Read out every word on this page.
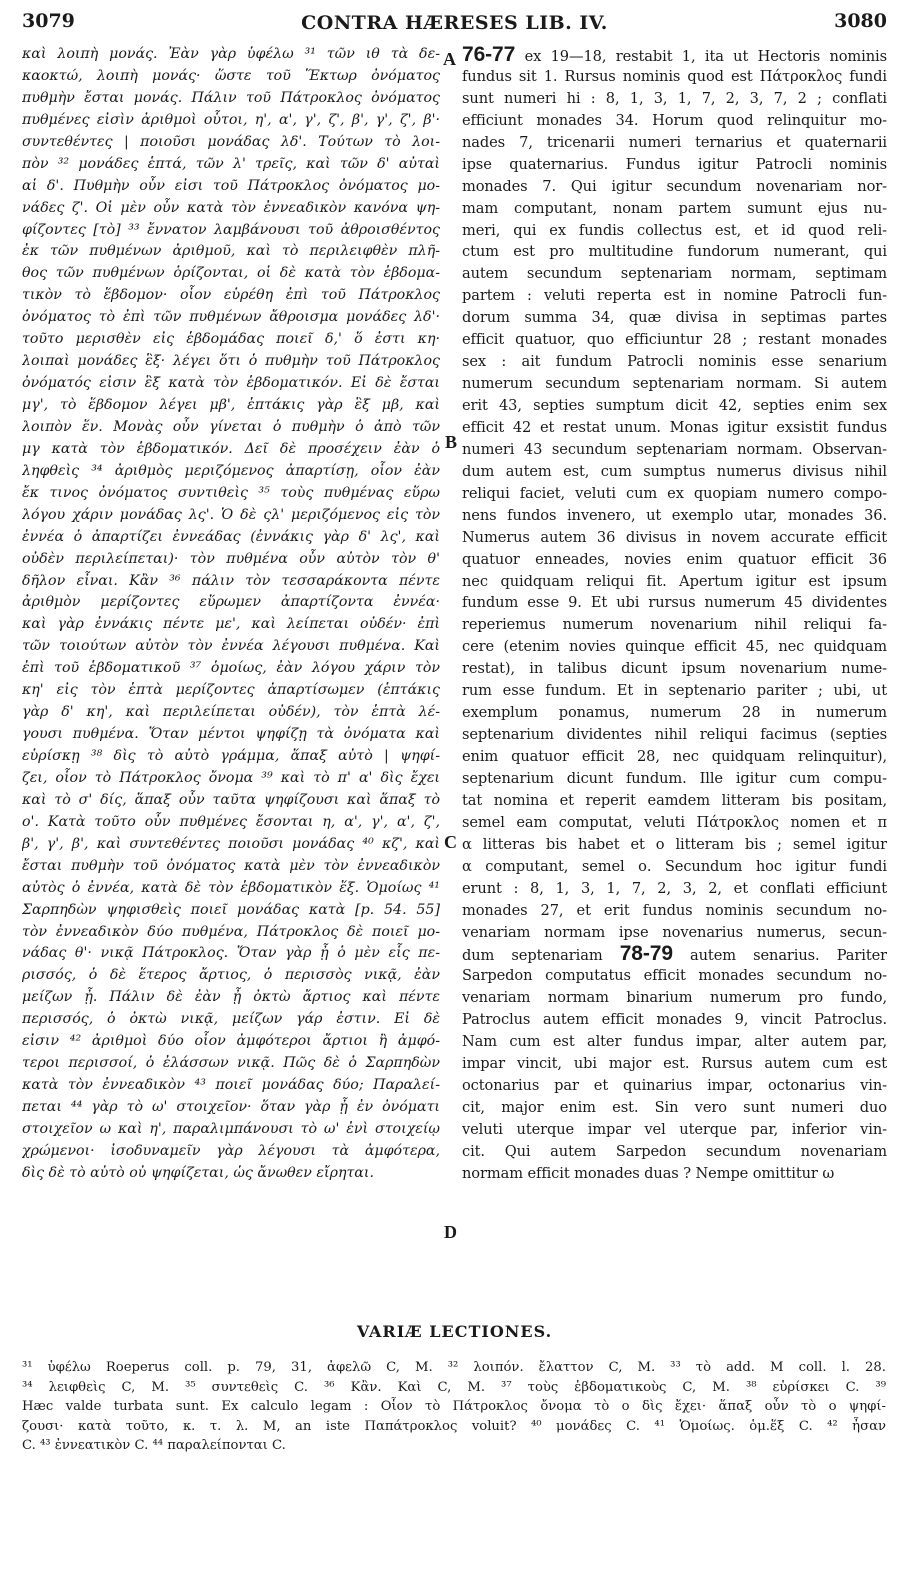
3079	CONTRA HÆRESES LIB. IV.	3080
A
B
C
D
καὶ λοιπὴ μονάς. Ἐὰν γὰρ ὑφέλω ³¹ τῶν ιθ τὰ δε-
καοκτώ, λοιπὴ μονάς· ὥστε τοῦ Ἕκτωρ ὀνόματος
πυθμὴν ἔσται μονάς. Πάλιν τοῦ Πάτροκλος ὀνόματος
πυθμένες εἰσὶν ἀριθμοὶ οὗτοι, η', α', γ', ζ', β', γ', ζ', β'·
συντεθέντες | ποιοῦσι μονάδας λδ'. Τούτων τὸ λοι-
πὸν ³² μονάδες ἑπτά, τῶν λ' τρεῖς, καὶ τῶν δ' αὐταὶ
αἱ δ'. Πυθμὴν οὖν εἰσι τοῦ Πάτροκλος ὀνόματος μο-
νάδες ζ'. Οἱ μὲν οὖν κατὰ τὸν ἐννεαδικὸν κανόνα ψη-
φίζοντες [τὸ] ³³ ἔννατον λαμβάνουσι τοῦ ἀθροισθέντος
ἐκ τῶν πυθμένων ἀριθμοῦ, καὶ τὸ περιλειφθὲν πλῆ-
θος τῶν πυθμένων ὁρίζονται, οἱ δὲ κατὰ τὸν ἑβδομα-
τικὸν τὸ ἕβδομον· οἷον εὑρέθη ἐπὶ τοῦ Πάτροκλος
ὀνόματος τὸ ἐπὶ τῶν πυθμένων ἄθροισμα μονάδες λδ'·
τοῦτο μερισθὲν εἰς ἑβδομάδας ποιεῖ δ,' ὅ ἐστι κη·
λοιπαὶ μονάδες ἓξ· λέγει ὅτι ὁ πυθμὴν τοῦ Πάτροκλος
ὀνόματός εἰσιν ἓξ κατὰ τὸν ἑβδοματικόν. Εἰ δὲ ἔσται
μγ', τὸ ἕβδομον λέγει μβ', ἑπτάκις γὰρ ἓξ μβ, καὶ
λοιπὸν ἕν. Μονὰς οὖν γίνεται ὁ πυθμὴν ὁ ἀπὸ τῶν
μγ κατὰ τὸν ἑβδοματικόν. Δεῖ δὲ προσέχειν ἐὰν ὁ
ληφθεὶς ³⁴ ἀριθμὸς μεριζόμενος ἀπαρτίσῃ, οἷον ἐὰν
ἔκ τινος ὀνόματος συντιθεὶς ³⁵ τοὺς πυθμένας εὕρω
λόγου χάριν μονάδας λς'. Ὁ δὲ ςλ' μεριζόμενος εἰς τὸν
ἐννέα ὁ ἀπαρτίζει ἐννεάδας (ἐννάκις γὰρ δ' λς', καὶ
οὐδὲν περιλείπεται)· τὸν πυθμένα οὖν αὐτὸν τὸν θ'
δῆλον εἶναι. Κἂν ³⁶ πάλιν τὸν τεσσαράκοντα πέντε
ἀριθμὸν μερίζοντες εὕρωμεν ἀπαρτίζοντα ἐννέα·
καὶ γὰρ ἐννάκις πέντε με', καὶ λείπεται οὐδέν· ἐπὶ
τῶν τοιούτων αὐτὸν τὸν ἐννέα λέγουσι πυθμένα. Καὶ
ἐπὶ τοῦ ἑβδοματικοῦ ³⁷ ὁμοίως, ἐὰν λόγου χάριν τὸν
κη' εἰς τὸν ἑπτὰ μερίζοντες ἀπαρτίσωμεν (ἑπτάκις
γὰρ δ' κη', καὶ περιλείπεται οὐδέν), τὸν ἑπτὰ λέ-
γουσι πυθμένα. Ὅταν μέντοι ψηφίζῃ τὰ ὀνόματα καὶ
εὑρίσκῃ ³⁸ δὶς τὸ αὐτὸ γράμμα, ἅπαξ αὐτὸ | ψηφί-
ζει, οἷον τὸ Πάτροκλος ὄνομα ³⁹ καὶ τὸ π' α' δὶς ἔχει
καὶ τὸ σ' δίς, ἅπαξ οὖν ταῦτα ψηφίζουσι καὶ ἅπαξ τὸ
ο'. Κατὰ τοῦτο οὖν πυθμένες ἔσονται η, α', γ', α', ζ',
β', γ', β', καὶ συντεθέντες ποιοῦσι μονάδας ⁴⁰ κζ', καὶ
ἔσται πυθμὴν τοῦ ὀνόματος κατὰ μὲν τὸν ἐννεαδικὸν
αὐτὸς ὁ ἐννέα, κατὰ δὲ τὸν ἑβδοματικὸν ἕξ. Ὁμοίως ⁴¹
Σαρπηδὼν ψηφισθεὶς ποιεῖ μονάδας κατὰ [p. 54. 55]
τὸν ἐννεαδικὸν δύο πυθμένα, Πάτροκλος δὲ ποιεῖ μο-
νάδας θ'· νικᾷ Πάτροκλος. Ὅταν γὰρ ᾖ ὁ μὲν εἷς πε-
ρισσός, ὁ δὲ ἕτερος ἄρτιος, ὁ περισσὸς νικᾷ, ἐὰν
μείζων ᾖ. Πάλιν δὲ ἐὰν ᾖ ὀκτὼ ἄρτιος καὶ πέντε
περισσός, ὁ ὀκτὼ νικᾷ, μείζων γάρ ἐστιν. Εἰ δὲ
εἰσιν ⁴² ἀριθμοὶ δύο οἷον ἀμφότεροι ἄρτιοι ἢ ἀμφό-
τεροι περισσοί, ὁ ἐλάσσων νικᾷ. Πῶς δὲ ὁ Σαρπηδὼν
κατὰ τὸν ἐννεαδικὸν ⁴³ ποιεῖ μονάδας δύο; Παραλεί-
πεται ⁴⁴ γὰρ τὸ ω' στοιχεῖον· ὅταν γὰρ ᾖ ἐν ὀνόματι
στοιχεῖον ω καὶ η', παραλιμπάνουσι τὸ ω' ἐνὶ στοιχείῳ
χρώμενοι· ἰσοδυναμεῖν γὰρ λέγουσι τὰ ἀμφότερα,
δὶς δὲ τὸ αὐτὸ οὐ ψηφίζεται, ὡς ἄνωθεν εἴρηται.
76-77 ex 19—18, restabit 1, ita ut Hectoris nominis
fundus sit 1. Rursus nominis quod est Πάτροκλος fundi
sunt numeri hi : 8, 1, 3, 1, 7, 2, 3, 7, 2 ; conflati
efficiunt monades 34. Horum quod relinquitur mo-
nades 7, tricenarii numeri ternarius et quaternarii
ipse quaternarius. Fundus igitur Patrocli nominis
monades 7. Qui igitur secundum novenariam nor-
mam computant, nonam partem sumunt ejus nu-
meri, qui ex fundis collectus est, et id quod reli-
ctum est pro multitudine fundorum numerant, qui
autem secundum septenariam normam, septimam
partem : veluti reperta est in nomine Patrocli fun-
dorum summa 34, quæ divisa in septimas partes
efficit quatuor, quo efficiuntur 28 ; restant monades
sex : ait fundum Patrocli nominis esse senarium
numerum secundum septenariam normam. Si autem
erit 43, septies sumptum dicit 42, septies enim sex
efficit 42 et restat unum. Monas igitur exsistit fundus
numeri 43 secundum septenariam normam. Observan-
dum autem est, cum sumptus numerus divisus nihil
reliqui faciet, veluti cum ex quopiam numero compo-
nens fundos invenero, ut exemplo utar, monades 36.
Numerus autem 36 divisus in novem accurate efficit
quatuor enneades, novies enim quatuor efficit 36
nec quidquam reliqui fit. Apertum igitur est ipsum
fundum esse 9. Et ubi rursus numerum 45 dividentes
reperiemus numerum novenarium nihil reliqui fa-
cere (etenim novies quinque efficit 45, nec quidquam
restat), in talibus dicunt ipsum novenarium nume-
rum esse fundum. Et in septenario pariter ; ubi, ut
exemplum ponamus, numerum 28 in numerum
septenarium dividentes nihil reliqui facimus (septies
enim quatuor efficit 28, nec quidquam relinquitur),
septenarium dicunt fundum. Ille igitur cum compu-
tat nomina et reperit eamdem litteram bis positam,
semel eam computat, veluti Πάτροκλος nomen et π
α litteras bis habet et ο litteram bis ; semel igitur
α computant, semel ο. Secundum hoc igitur fundi
erunt : 8, 1, 3, 1, 7, 2, 3, 2, et conflati efficiunt
monades 27, et erit fundus nominis secundum no-
venariam normam ipse novenarius numerus, secun-
dum septenariam 78-79 autem senarius. Pariter
Sarpedon computatus efficit monades secundum no-
venariam normam binarium numerum pro fundo,
Patroclus autem efficit monades 9, vincit Patroclus.
Nam cum est alter fundus impar, alter autem par,
impar vincit, ubi major est. Rursus autem cum est
octonarius par et quinarius impar, octonarius vin-
cit, major enim est. Sin vero sunt numeri duo
veluti uterque impar vel uterque par, inferior vin-
cit. Qui autem Sarpedon secundum novenariam
normam efficit monades duas ? Nempe omittitur ω
VARIÆ LECTIONES.
³¹ ὑφέλω Roeperus coll. p. 79, 31, ἀφελῶ C, M. ³² λοιπόν. ἔλαττον C, M. ³³ τὸ add. M coll. l. 28.
³⁴ λειφθεὶς C, M. ³⁵ συντεθεὶς C. ³⁶ Κἂν. Καὶ C, M. ³⁷ τοὺς ἑβδοματικοὺς C, M. ³⁸ εὑρίσκει C. ³⁹
Hæc valde turbata sunt. Ex calculo legam : Οἷον τὸ Πάτροκλος ὄνομα τὸ ο δὶς ἔχει· ἅπαξ οὖν τὸ ο ψηφί-
ζουσι· κατὰ τοῦτο, κ. τ. λ. M, an iste Παπάτροκλος voluit? ⁴⁰ μονάδες C. ⁴¹ Ὁμοίως. ὁμ.ἕξ C. ⁴² ἦσαν
C. ⁴³ ἐννεατικὸν C. ⁴⁴ παραλείπονται C.
